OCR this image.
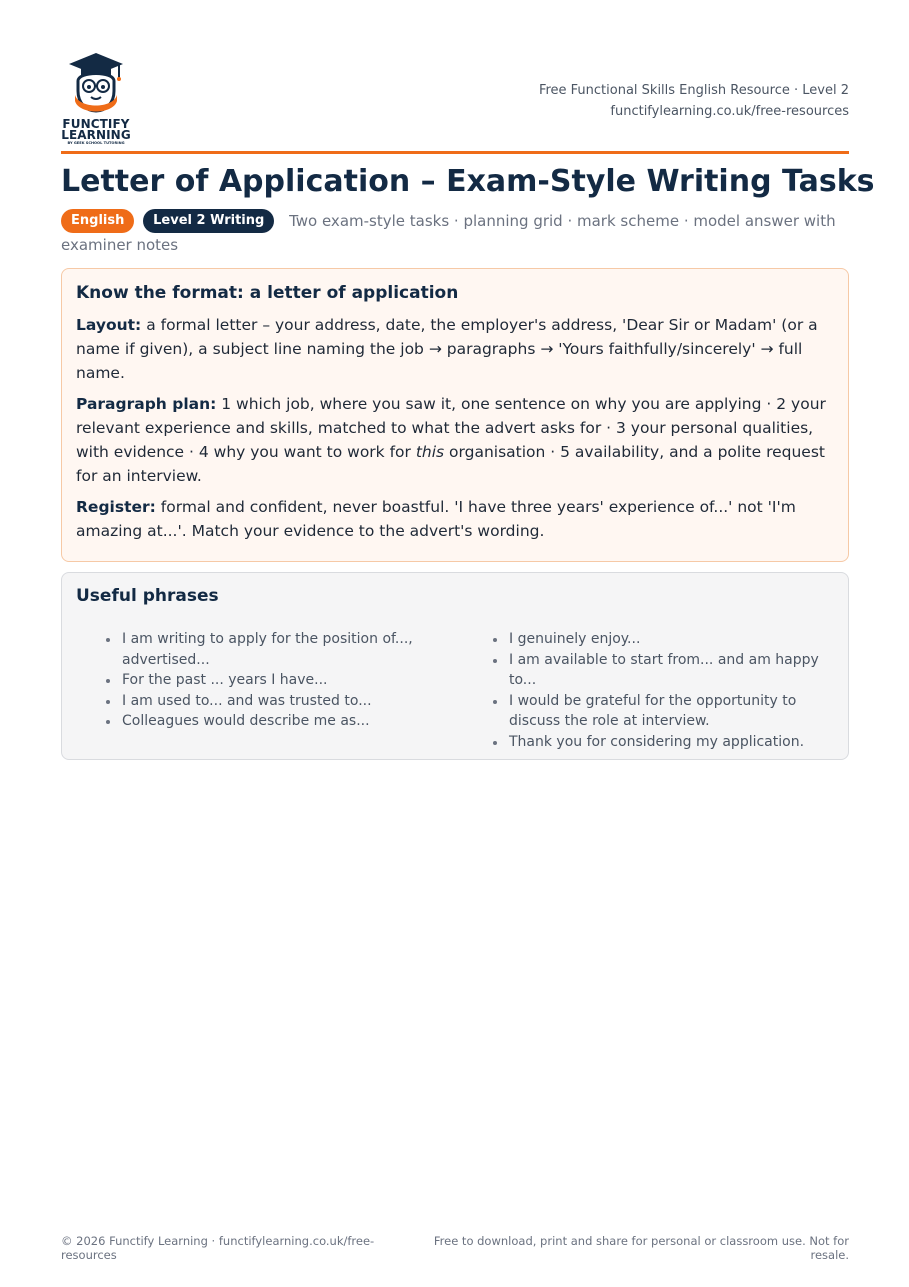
FUNCTIFY
LEARNING
BY GEEK SCHOOL TUTORING
Free Functional Skills English Resource · Level 2
functifylearning.co.uk/free-resources
Letter of Application – Exam-Style Writing Tasks
English Level 2 Writing Two exam-style tasks · planning grid · mark scheme · model answer with examiner notes
Know the format: a letter of application

Layout: a formal letter – your address, date, the employer's address, 'Dear Sir or Madam' (or a name if given), a subject line naming the job → paragraphs → 'Yours faithfully/sincerely' → full name.

Paragraph plan: 1 which job, where you saw it, one sentence on why you are applying · 2 your relevant experience and skills, matched to what the advert asks for · 3 your personal qualities, with evidence · 4 why you want to work for this organisation · 5 availability, and a polite request for an interview.

Register: formal and confident, never boastful. 'I have three years' experience of...' not 'I'm amazing at...'. Match your evidence to the advert's wording.

Useful phrases
I am writing to apply for the position of..., advertised...
For the past ... years I have...
I am used to... and was trusted to...
Colleagues would describe me as...
I genuinely enjoy...
I am available to start from... and am happy to...
I would be grateful for the opportunity to discuss the role at interview.
Thank you for considering my application.
© 2026 Functify Learning · functifylearning.co.uk/free-resources
Free to download, print and share for personal or classroom use. Not for resale.
